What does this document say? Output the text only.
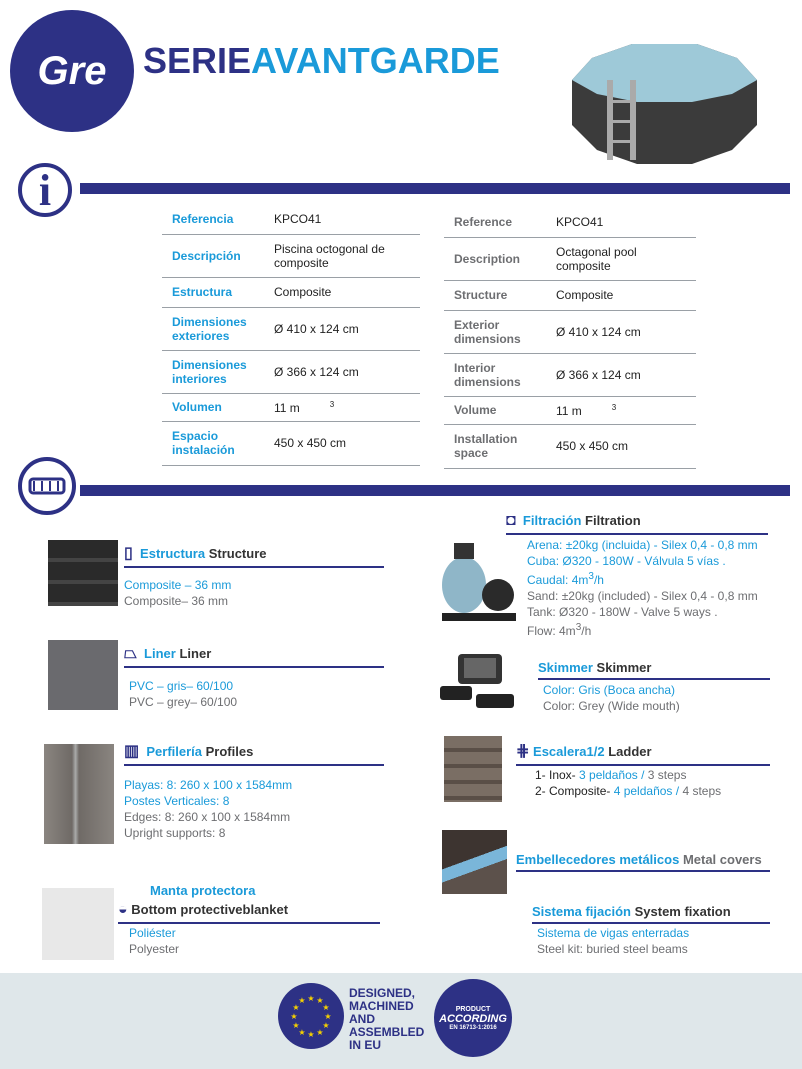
Gre SERIEAVANTGARDE
i
Referencia	KPCO41
Descripción	Piscina octogonal de composite
Estructura	Composite
Dimensiones exteriores	Ø 410 x 124 cm
Dimensiones interiores	Ø 366 x 124 cm
Volumen	11 m $^3$
Espacio instalación	450 x 450 cm
Reference	KPCO41
Description	Octagonal pool composite
Structure	Composite
Exterior dimensions	Ø 410 x 124 cm
Interior dimensions	Ø 366 x 124 cm
Volume	11 m $^3$
Installation space	450 x 450 cm
▯ Estructura Structure
Composite – 36 mm
Composite– 36 mm
⏢ Liner Liner
PVC – gris– 60/100
PVC – grey– 60/100
▥ Perfilería Profiles
Playas: 8: 260 x 100 x 1584mm
Postes Verticales: 8
Edges: 8: 260 x 100 x 1584mm
Upright supports: 8
Manta protectora
◒ Bottom protectiveblanket
Poliéster
Polyester
◘ Filtración Filtration
Arena: ±20kg (incluida) - Silex 0,4 - 0,8 mm
Cuba: Ø320 - 180W - Válvula 5 vías .
Caudal: $4m^3/h$
Sand: ±20kg (included) - Silex 0,4 - 0,8 mm
Tank: Ø320 - 180W - Valve 5 ways .
Flow: $4m^3/h$
Skimmer Skimmer
Color: Gris (Boca ancha)
Color: Grey (Wide mouth)
⋕ Escalera1/2 Ladder
1- Inox- 3 peldaños / 3 steps
2- Composite- 4 peldaños / 4 steps
Embellecedores metálicos Metal covers
Sistema fijación System fixation
Sistema de vigas enterradas
Steel kit: buried steel beams
★ ★
★
★
★
★
★
★
★
★
★
★
DESIGNED,
MACHINED
AND
ASSEMBLED
IN EU
PRODUCT
ACCORDING
EN 16713-1:2016
